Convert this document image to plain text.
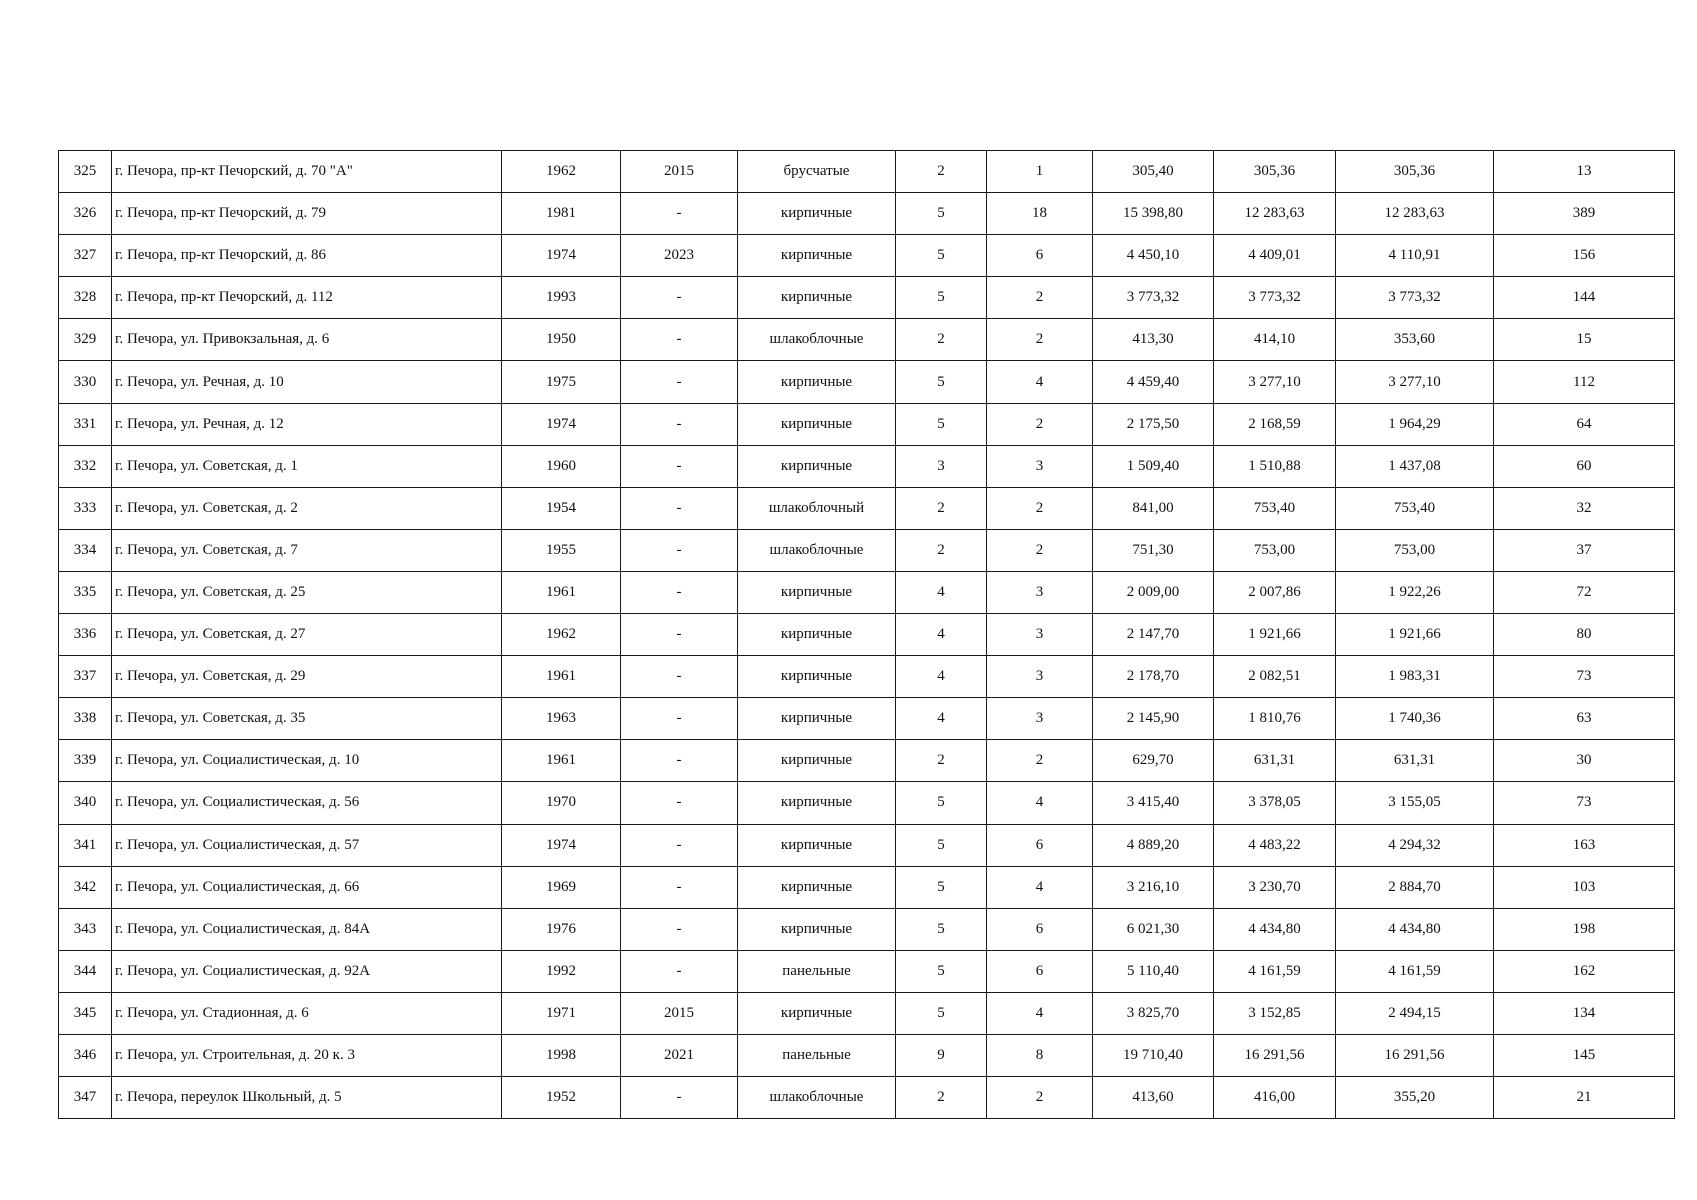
325	г. Печора, пр-кт Печорский, д. 70 "А"	1962	2015	брусчатые	2	1	305,40	305,36	305,36	13
326	г. Печора, пр-кт Печорский, д. 79	1981	-	кирпичные	5	18	15 398,80	12 283,63	12 283,63	389
327	г. Печора, пр-кт Печорский, д. 86	1974	2023	кирпичные	5	6	4 450,10	4 409,01	4 110,91	156
328	г. Печора, пр-кт Печорский, д. 112	1993	-	кирпичные	5	2	3 773,32	3 773,32	3 773,32	144
329	г. Печора, ул. Привокзальная, д. 6	1950	-	шлакоблочные	2	2	413,30	414,10	353,60	15
330	г. Печора, ул. Речная, д. 10	1975	-	кирпичные	5	4	4 459,40	3 277,10	3 277,10	112
331	г. Печора, ул. Речная, д. 12	1974	-	кирпичные	5	2	2 175,50	2 168,59	1 964,29	64
332	г. Печора, ул. Советская, д. 1	1960	-	кирпичные	3	3	1 509,40	1 510,88	1 437,08	60
333	г. Печора, ул. Советская, д. 2	1954	-	шлакоблочный	2	2	841,00	753,40	753,40	32
334	г. Печора, ул. Советская, д. 7	1955	-	шлакоблочные	2	2	751,30	753,00	753,00	37
335	г. Печора, ул. Советская, д. 25	1961	-	кирпичные	4	3	2 009,00	2 007,86	1 922,26	72
336	г. Печора, ул. Советская, д. 27	1962	-	кирпичные	4	3	2 147,70	1 921,66	1 921,66	80
337	г. Печора, ул. Советская, д. 29	1961	-	кирпичные	4	3	2 178,70	2 082,51	1 983,31	73
338	г. Печора, ул. Советская, д. 35	1963	-	кирпичные	4	3	2 145,90	1 810,76	1 740,36	63
339	г. Печора, ул. Социалистическая, д. 10	1961	-	кирпичные	2	2	629,70	631,31	631,31	30
340	г. Печора, ул. Социалистическая, д. 56	1970	-	кирпичные	5	4	3 415,40	3 378,05	3 155,05	73
341	г. Печора, ул. Социалистическая, д. 57	1974	-	кирпичные	5	6	4 889,20	4 483,22	4 294,32	163
342	г. Печора, ул. Социалистическая, д. 66	1969	-	кирпичные	5	4	3 216,10	3 230,70	2 884,70	103
343	г. Печора, ул. Социалистическая, д. 84А	1976	-	кирпичные	5	6	6 021,30	4 434,80	4 434,80	198
344	г. Печора, ул. Социалистическая, д. 92А	1992	-	панельные	5	6	5 110,40	4 161,59	4 161,59	162
345	г. Печора, ул. Стадионная, д. 6	1971	2015	кирпичные	5	4	3 825,70	3 152,85	2 494,15	134
346	г. Печора, ул. Строительная, д. 20 к. 3	1998	2021	панельные	9	8	19 710,40	16 291,56	16 291,56	145
347	г. Печора, переулок Школьный, д. 5	1952	-	шлакоблочные	2	2	413,60	416,00	355,20	21
